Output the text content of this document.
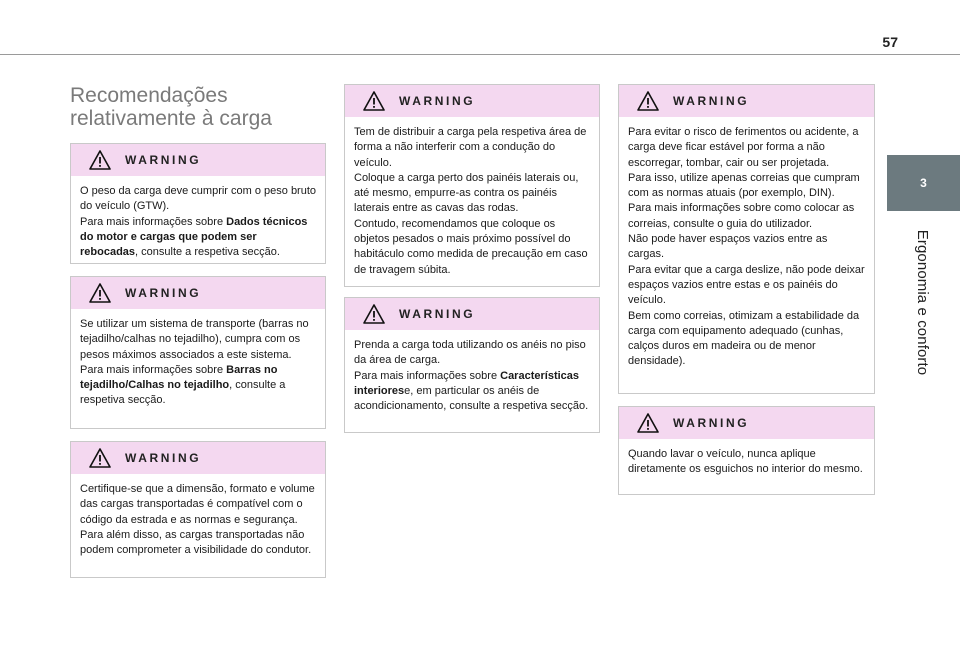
57
3
Ergonomia e conforto
Recomendações relativamente à carga
WARNING
O peso da carga deve cumprir com o peso bruto do veículo (GTW).
Para mais informações sobre Dados técnicos do motor e cargas que podem ser rebocadas, consulte a respetiva secção.
WARNING
Se utilizar um sistema de transporte (barras no tejadilho/calhas no tejadilho), cumpra com os pesos máximos associados a este sistema.
Para mais informações sobre Barras no tejadilho/Calhas no tejadilho, consulte a respetiva secção.
WARNING
Certifique-se que a dimensão, formato e volume das cargas transportadas é compatível com o código da estrada e as normas e segurança. Para além disso, as cargas transportadas não podem comprometer a visibilidade do condutor.
WARNING
Tem de distribuir a carga pela respetiva área de forma a não interferir com a condução do veículo.
Coloque a carga perto dos painéis laterais ou, até mesmo, empurre-as contra os painéis laterais entre as cavas das rodas.
Contudo, recomendamos que coloque os objetos pesados o mais próximo possível do habitáculo como medida de precaução em caso de travagem súbita.
WARNING
Prenda a carga toda utilizando os anéis no piso da área de carga.
Para mais informações sobre Características interiorese, em particular os anéis de acondicionamento, consulte a respetiva secção.
WARNING
Para evitar o risco de ferimentos ou acidente, a carga deve ficar estável por forma a não escorregar, tombar, cair ou ser projetada.
Para isso, utilize apenas correias que cumpram com as normas atuais (por exemplo, DIN).
Para mais informações sobre como colocar as correias, consulte o guia do utilizador.
Não pode haver espaços vazios entre as cargas.
Para evitar que a carga deslize, não pode deixar espaços vazios entre estas e os painéis do veículo.
Bem como correias, otimizam a estabilidade da carga com equipamento adequado (cunhas, calços duros em madeira ou de menor densidade).
WARNING
Quando lavar o veículo, nunca aplique diretamente os esguichos no interior do mesmo.
